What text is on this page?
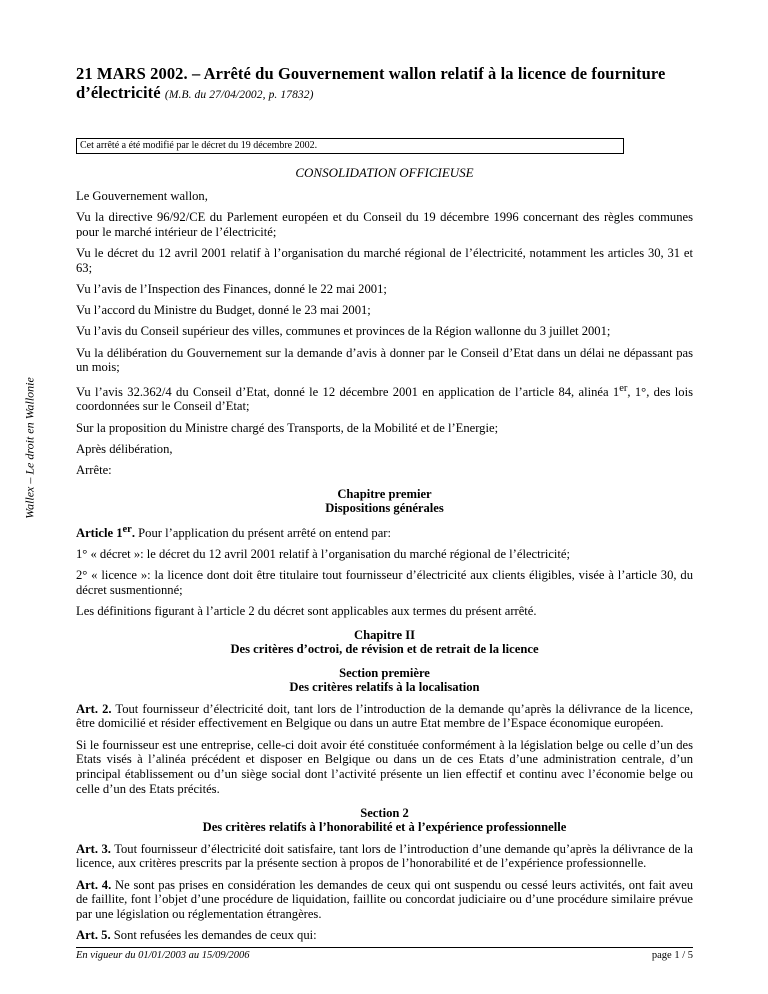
Wallex – Le droit en Wallonie
21 MARS 2002. – Arrêté du Gouvernement wallon relatif à la licence de fourniture d’électricité (M.B. du 27/04/2002, p. 17832)
Cet arrêté a été modifié par le décret du 19 décembre 2002.

CONSOLIDATION OFFICIEUSE

Le Gouvernement wallon,

Vu la directive 96/92/CE du Parlement européen et du Conseil du 19 décembre 1996 concernant des règles communes pour le marché intérieur de l’électricité;

Vu le décret du 12 avril 2001 relatif à l’organisation du marché régional de l’électricité, notamment les articles 30, 31 et 63;

Vu l’avis de l’Inspection des Finances, donné le 22 mai 2001;

Vu l’accord du Ministre du Budget, donné le 23 mai 2001;

Vu l’avis du Conseil supérieur des villes, communes et provinces de la Région wallonne du 3 juillet 2001;

Vu la délibération du Gouvernement sur la demande d’avis à donner par le Conseil d’Etat dans un délai ne dépassant pas un mois;

Vu l’avis 32.362/4 du Conseil d’Etat, donné le 12 décembre 2001 en application de l’article 84, alinéa 1er, 1°, des lois coordonnées sur le Conseil d’Etat;

Sur la proposition du Ministre chargé des Transports, de la Mobilité et de l’Energie;

Après délibération,

Arrête:

Chapitre premier
Dispositions générales

Article 1er. Pour l’application du présent arrêté on entend par:

1° « décret »: le décret du 12 avril 2001 relatif à l’organisation du marché régional de l’électricité;

2° « licence »: la licence dont doit être titulaire tout fournisseur d’électricité aux clients éligibles, visée à l’article 30, du décret susmentionné;

Les définitions figurant à l’article 2 du décret sont applicables aux termes du présent arrêté.

Chapitre II
Des critères d’octroi, de révision et de retrait de la licence
Section première
Des critères relatifs à la localisation

Art. 2. Tout fournisseur d’électricité doit, tant lors de l’introduction de la demande qu’après la délivrance de la licence, être domicilié et résider effectivement en Belgique ou dans un autre Etat membre de l’Espace économique européen.

Si le fournisseur est une entreprise, celle-ci doit avoir été constituée conformément à la législation belge ou celle d’un des Etats visés à l’alinéa précédent et disposer en Belgique ou dans un de ces Etats d’une administration centrale, d’un principal établissement ou d’un siège social dont l’activité présente un lien effectif et continu avec l’économie belge ou celle d’un des Etats précités.

Section 2
Des critères relatifs à l’honorabilité et à l’expérience professionnelle

Art. 3. Tout fournisseur d’électricité doit satisfaire, tant lors de l’introduction d’une demande qu’après la délivrance de la licence, aux critères prescrits par la présente section à propos de l’honorabilité et de l’expérience professionnelle.

Art. 4. Ne sont pas prises en considération les demandes de ceux qui ont suspendu ou cessé leurs activités, ont fait aveu de faillite, font l’objet d’une procédure de liquidation, faillite ou concordat judiciaire ou d’une procédure similaire prévue par une législation ou réglementation étrangères.

Art. 5. Sont refusées les demandes de ceux qui:

En vigueur du 01/01/2003 au 15/09/2006	page 1 / 5
